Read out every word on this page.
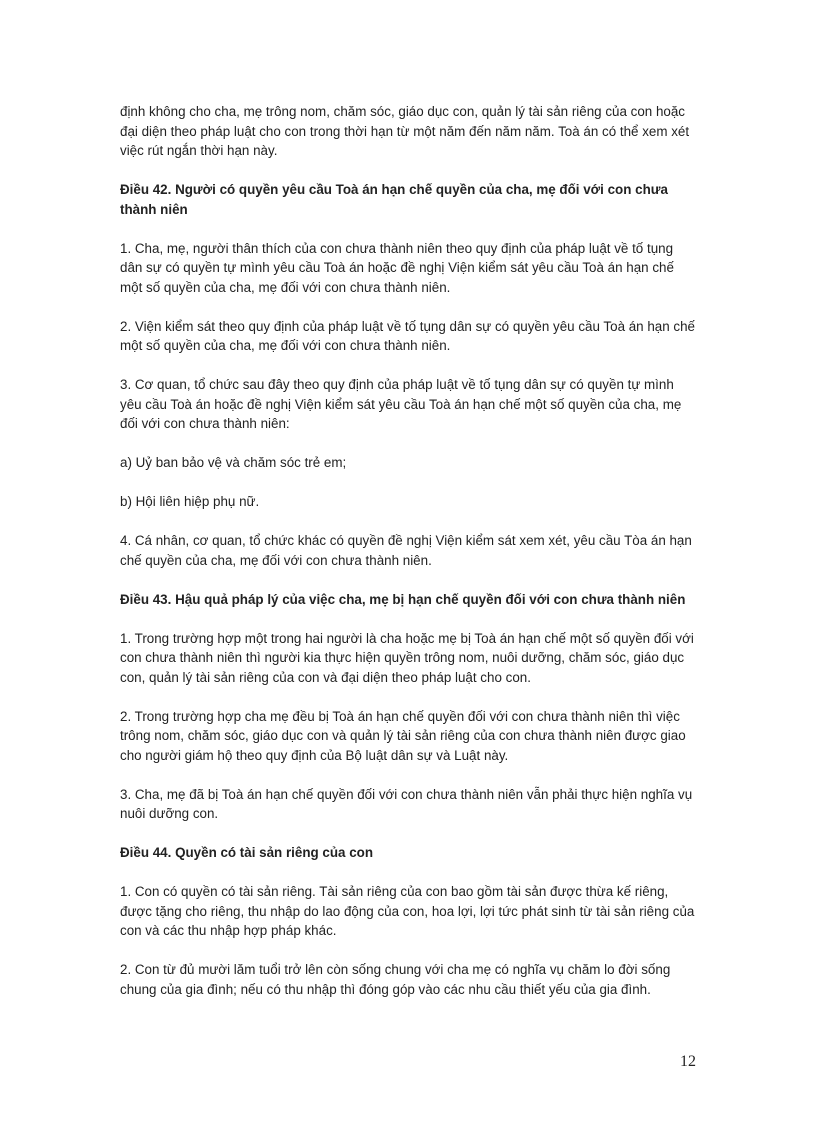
định không cho cha, mẹ trông nom, chăm sóc, giáo dục con, quản lý tài sản riêng của con hoặc đại diện theo pháp luật cho con trong thời hạn từ một năm đến năm năm. Toà án có thể xem xét việc rút ngắn thời hạn này.

Điều 42. Người có quyền yêu cầu Toà án hạn chế quyền của cha, mẹ đối với con chưa thành niên

1. Cha, mẹ, người thân thích của con chưa thành niên theo quy định của pháp luật về tố tụng dân sự có quyền tự mình yêu cầu Toà án hoặc đề nghị Viện kiểm sát yêu cầu Toà án hạn chế một số quyền của cha, mẹ đối với con chưa thành niên.

2. Viện kiểm sát theo quy định của pháp luật về tố tụng dân sự có quyền yêu cầu Toà án hạn chế một số quyền của cha, mẹ đối với con chưa thành niên.

3. Cơ quan, tổ chức sau đây theo quy định của pháp luật về tố tụng dân sự có quyền tự mình yêu cầu Toà án hoặc đề nghị Viện kiểm sát yêu cầu Toà án hạn chế một số quyền của cha, mẹ đối với con chưa thành niên:

a) Uỷ ban bảo vệ và chăm sóc trẻ em;

b) Hội liên hiệp phụ nữ.

4. Cá nhân, cơ quan, tổ chức khác có quyền đề nghị Viện kiểm sát xem xét, yêu cầu Tòa án hạn chế quyền của cha, mẹ đối với con chưa thành niên.

Điều 43. Hậu quả pháp lý của việc cha, mẹ bị hạn chế quyền đối với con chưa thành niên

1. Trong trường hợp một trong hai người là cha hoặc mẹ bị Toà án hạn chế một số quyền đối với con chưa thành niên thì người kia thực hiện quyền trông nom, nuôi dưỡng, chăm sóc, giáo dục con, quản lý tài sản riêng của con và đại diện theo pháp luật cho con.

2. Trong trường hợp cha mẹ đều bị Toà án hạn chế quyền đối với con chưa thành niên thì việc trông nom, chăm sóc, giáo dục con và quản lý tài sản riêng của con chưa thành niên được giao cho người giám hộ theo quy định của Bộ luật dân sự và Luật này.

3. Cha, mẹ đã bị Toà án hạn chế quyền đối với con chưa thành niên vẫn phải thực hiện nghĩa vụ nuôi dưỡng con.

Điều 44. Quyền có tài sản riêng của con

1. Con có quyền có tài sản riêng. Tài sản riêng của con bao gồm tài sản được thừa kế riêng, được tặng cho riêng, thu nhập do lao động của con, hoa lợi, lợi tức phát sinh từ tài sản riêng của con và các thu nhập hợp pháp khác.

2. Con từ đủ mười lăm tuổi trở lên còn sống chung với cha mẹ có nghĩa vụ chăm lo đời sống chung của gia đình; nếu có thu nhập thì đóng góp vào các nhu cầu thiết yếu của gia đình.

12
